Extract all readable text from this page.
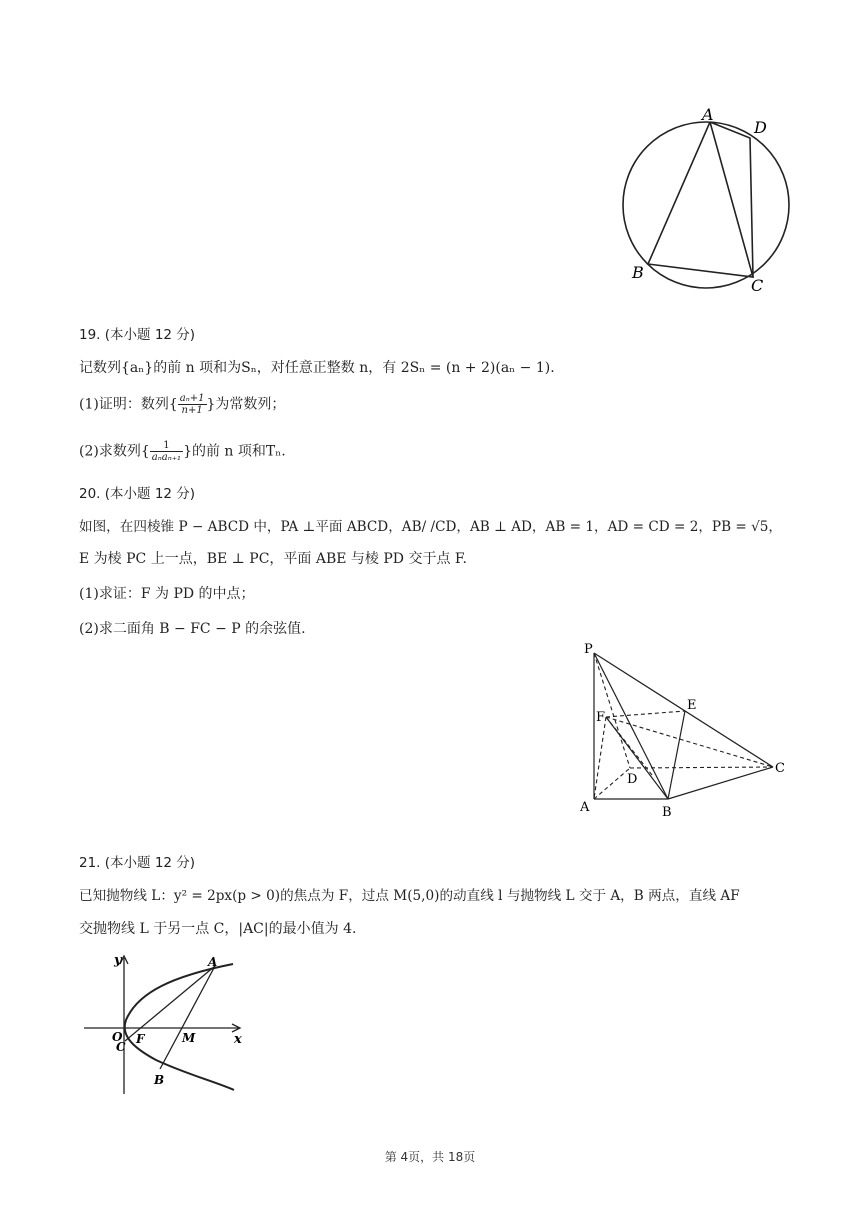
A
D
B
C
19. (本小题 12 分)
记数列{aₙ}的前 n 项和为Sₙ，对任意正整数 n，有 2Sₙ = (n + 2)(aₙ − 1).
(1)证明：数列{ $\frac{\text{aₙ+1}}{n+1}$ }为常数列；
(2)求数列{ $\frac{1}{\text{aₙaₙ₊₁}}$ }的前 n 项和Tₙ.
20. (本小题 12 分)
如图，在四棱锥 P − ABCD 中，PA ⊥平面 ABCD，AB/ /CD，AB ⊥ AD，AB = 1，AD = CD = 2，PB = √5，
E 为棱 PC 上一点，BE ⊥ PC，平面 ABE 与棱 PD 交于点 F.
(1)求证：F 为 PD 的中点；
(2)求二面角 B − FC − P 的余弦值.
P
E
F
D
C
A	B
21. (本小题 12 分)
已知抛物线 L：y² = 2px(p > 0)的焦点为 F，过点 M(5,0)的动直线 l 与抛物线 L 交于 A，B 两点，直线 AF
交抛物线 L 于另一点 C，|AC|的最小值为 4.
y
x
O F	M
A
B
C
第 4页，共 18页
